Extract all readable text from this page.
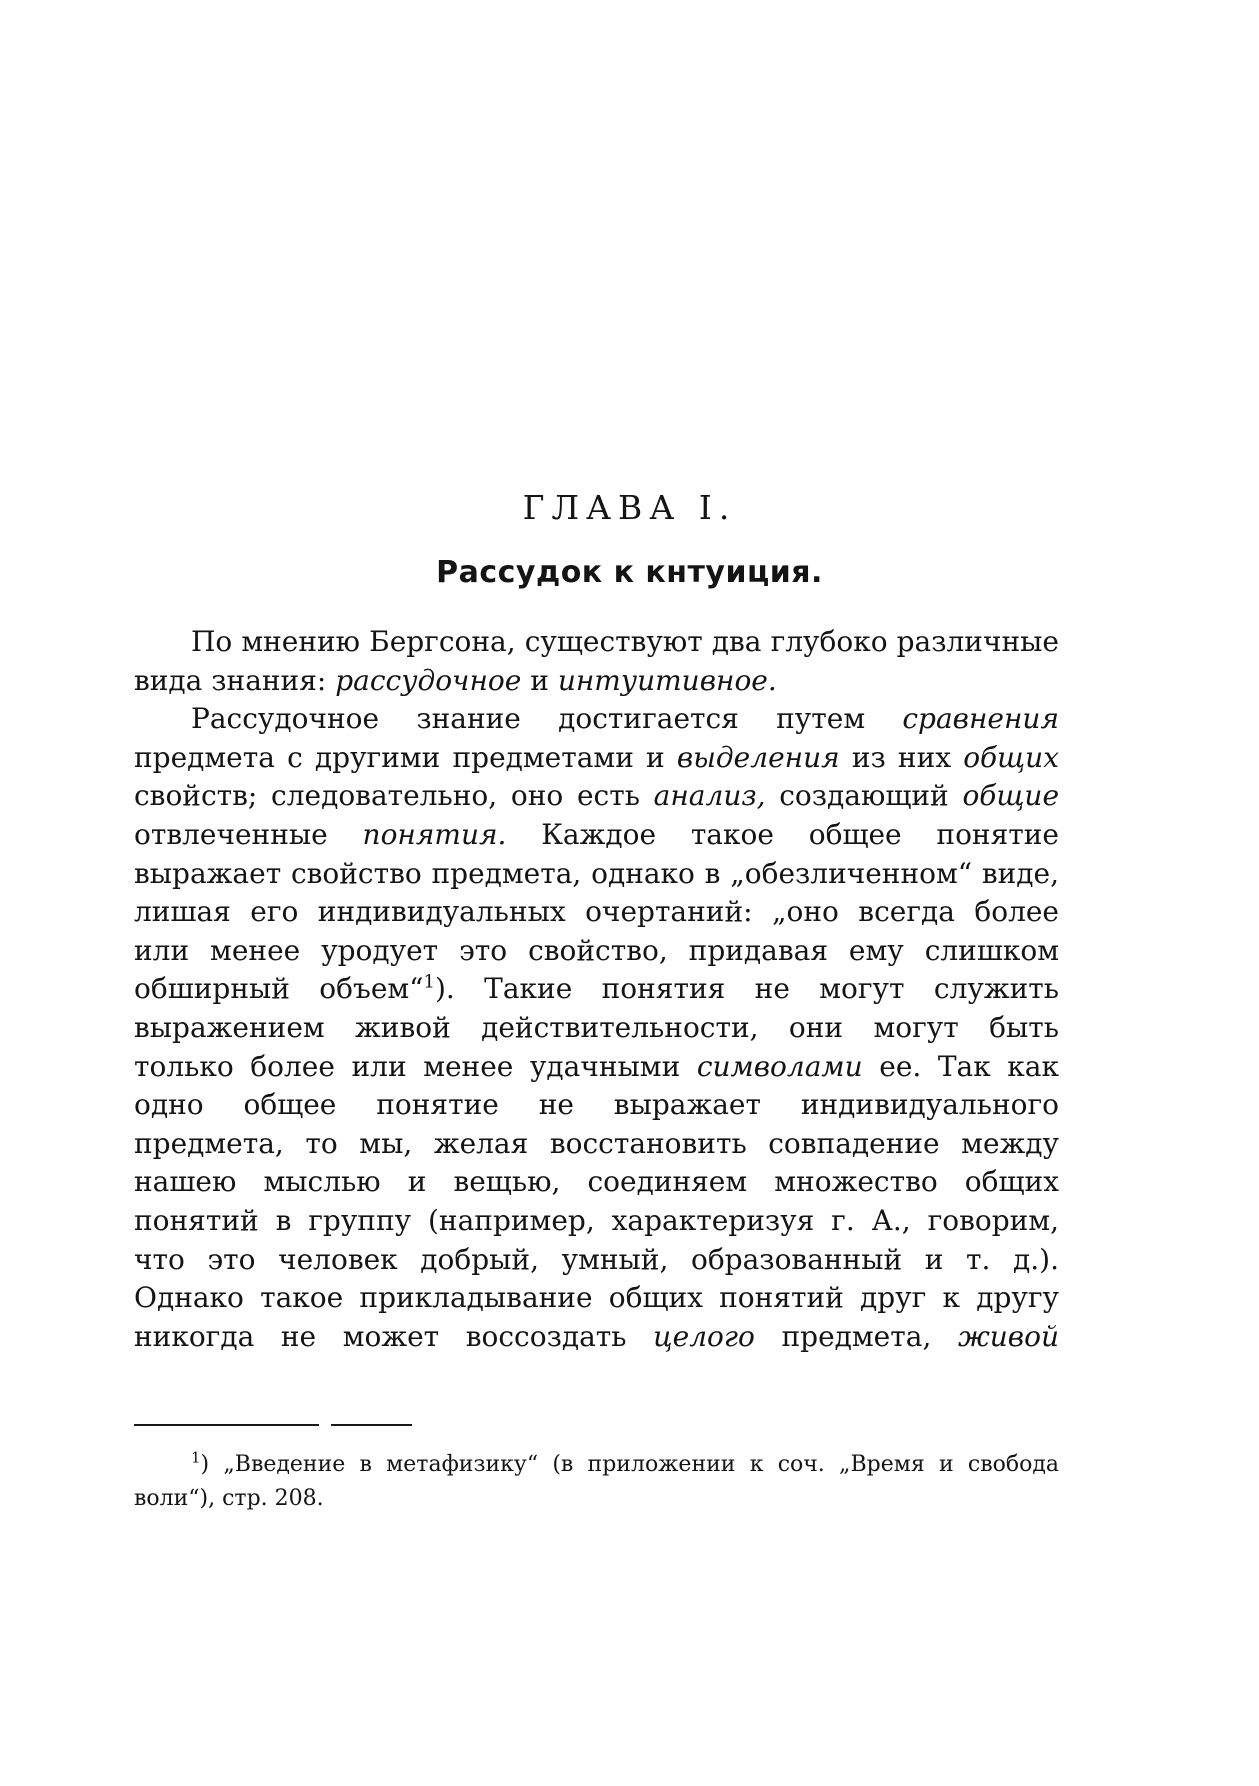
ГЛАВА I.
Рассудок к кнтуиция.

По мнению Бергсона, существуют два глубоко различные вида знания: рассудочное и интуитивное.

Рассудочное знание достигается путем сравнения предмета с другими предметами и выделения из них общих свойств; следовательно, оно есть анализ, создающий общие отвлеченные понятия. Каждое такое общее понятие выражает свойство предмета, однако в „обезличенном“ виде, лишая его индивидуальных очертаний: „оно всегда более или менее уродует это свойство, придавая ему слишком обширный объем“$^1$). Такие понятия не могут служить выражением живой действительности, они могут быть только более или менее удачными символами ее. Так как одно общее понятие не выражает индивидуального предмета, то мы, желая восстановить совпадение между нашею мыслью и вещью, соединяем множество общих понятий в группу (например, характеризуя г. А., говорим, что это человек добрый, умный, образованный и т. д.). Однако такое прикладывание общих понятий друг к другу никогда не может воссоздать целого предмета, живой

$^1$) „Введение в метафизику“ (в приложении к соч. „Время и свобода воли“), стр. 208.
